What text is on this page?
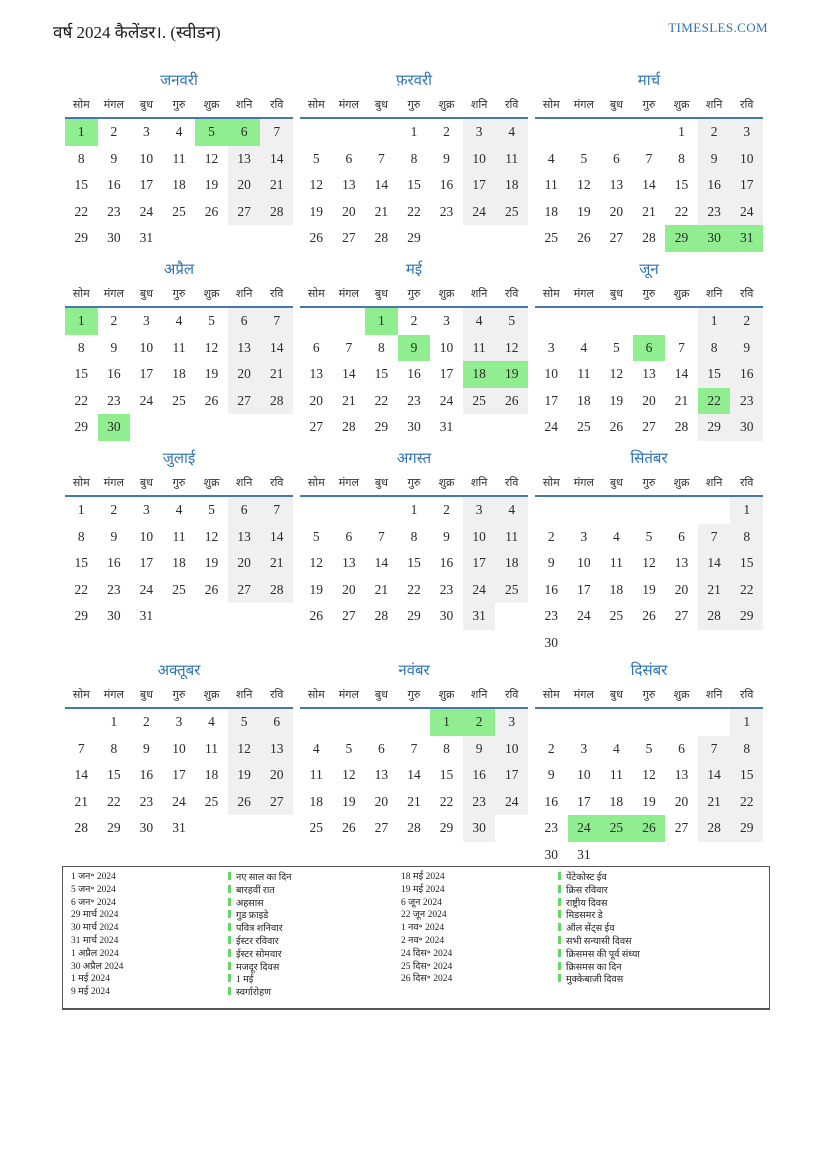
वर्ष 2024 कैलेंडर।. (स्वीडन)	TIMESLES.COM
जनवरी
सोम	मंगल	बुध	गुरु	शुक्र	शनि	रवि
1	2	3	4	5	6	7
8	9	10	11	12	13	14
15	16	17	18	19	20	21
22	23	24	25	26	27	28
29	30	31				
फ़रवरी
सोम	मंगल	बुध	गुरु	शुक्र	शनि	रवि
			1	2	3	4
5	6	7	8	9	10	11
12	13	14	15	16	17	18
19	20	21	22	23	24	25
26	27	28	29			
मार्च
सोम	मंगल	बुध	गुरु	शुक्र	शनि	रवि
				1	2	3
4	5	6	7	8	9	10
11	12	13	14	15	16	17
18	19	20	21	22	23	24
25	26	27	28	29	30	31
अप्रैल
सोम	मंगल	बुध	गुरु	शुक्र	शनि	रवि
1	2	3	4	5	6	7
8	9	10	11	12	13	14
15	16	17	18	19	20	21
22	23	24	25	26	27	28
29	30					
मई
सोम	मंगल	बुध	गुरु	शुक्र	शनि	रवि
		1	2	3	4	5
6	7	8	9	10	11	12
13	14	15	16	17	18	19
20	21	22	23	24	25	26
27	28	29	30	31		
जून
सोम	मंगल	बुध	गुरु	शुक्र	शनि	रवि
					1	2
3	4	5	6	7	8	9
10	11	12	13	14	15	16
17	18	19	20	21	22	23
24	25	26	27	28	29	30
जुलाई
सोम	मंगल	बुध	गुरु	शुक्र	शनि	रवि
1	2	3	4	5	6	7
8	9	10	11	12	13	14
15	16	17	18	19	20	21
22	23	24	25	26	27	28
29	30	31				
अगस्त
सोम	मंगल	बुध	गुरु	शुक्र	शनि	रवि
			1	2	3	4
5	6	7	8	9	10	11
12	13	14	15	16	17	18
19	20	21	22	23	24	25
26	27	28	29	30	31	
सितंबर
सोम	मंगल	बुध	गुरु	शुक्र	शनि	रवि
						1
2	3	4	5	6	7	8
9	10	11	12	13	14	15
16	17	18	19	20	21	22
23	24	25	26	27	28	29
30						
अक्तूबर
सोम	मंगल	बुध	गुरु	शुक्र	शनि	रवि
	1	2	3	4	5	6
7	8	9	10	11	12	13
14	15	16	17	18	19	20
21	22	23	24	25	26	27
28	29	30	31			
नवंबर
सोम	मंगल	बुध	गुरु	शुक्र	शनि	रवि
				1	2	3
4	5	6	7	8	9	10
11	12	13	14	15	16	17
18	19	20	21	22	23	24
25	26	27	28	29	30	
दिसंबर
सोम	मंगल	बुध	गुरु	शुक्र	शनि	रवि
						1
2	3	4	5	6	7	8
9	10	11	12	13	14	15
16	17	18	19	20	21	22
23	24	25	26	27	28	29
30	31					
1 जन॰ 2024	नए साल का दिन
5 जन॰ 2024	बारहवीं रात
6 जन॰ 2024	अहसास
29 मार्च 2024	गुड फ्राइडे
30 मार्च 2024	पवित्र शनिवार
31 मार्च 2024	ईस्टर रविवार
1 अप्रैल 2024	ईस्टर सोमवार
30 अप्रैल 2024	मजदूर दिवस
1 मई 2024	1 मई
9 मई 2024	स्वर्गारोहण
18 मई 2024	पेंटेकोस्ट ईव
19 मई 2024	क्रिस रविवार
6 जून 2024	राष्ट्रीय दिवस
22 जून 2024	मिडसमर डे
1 नव॰ 2024	ऑल सेंट्स ईव
2 नव॰ 2024	सभी सन्यासी दिवस
24 दिस॰ 2024	क्रिसमस की पूर्व संध्या
25 दिस॰ 2024	क्रिसमस का दिन
26 दिस॰ 2024	मुक्केबाजी दिवस
